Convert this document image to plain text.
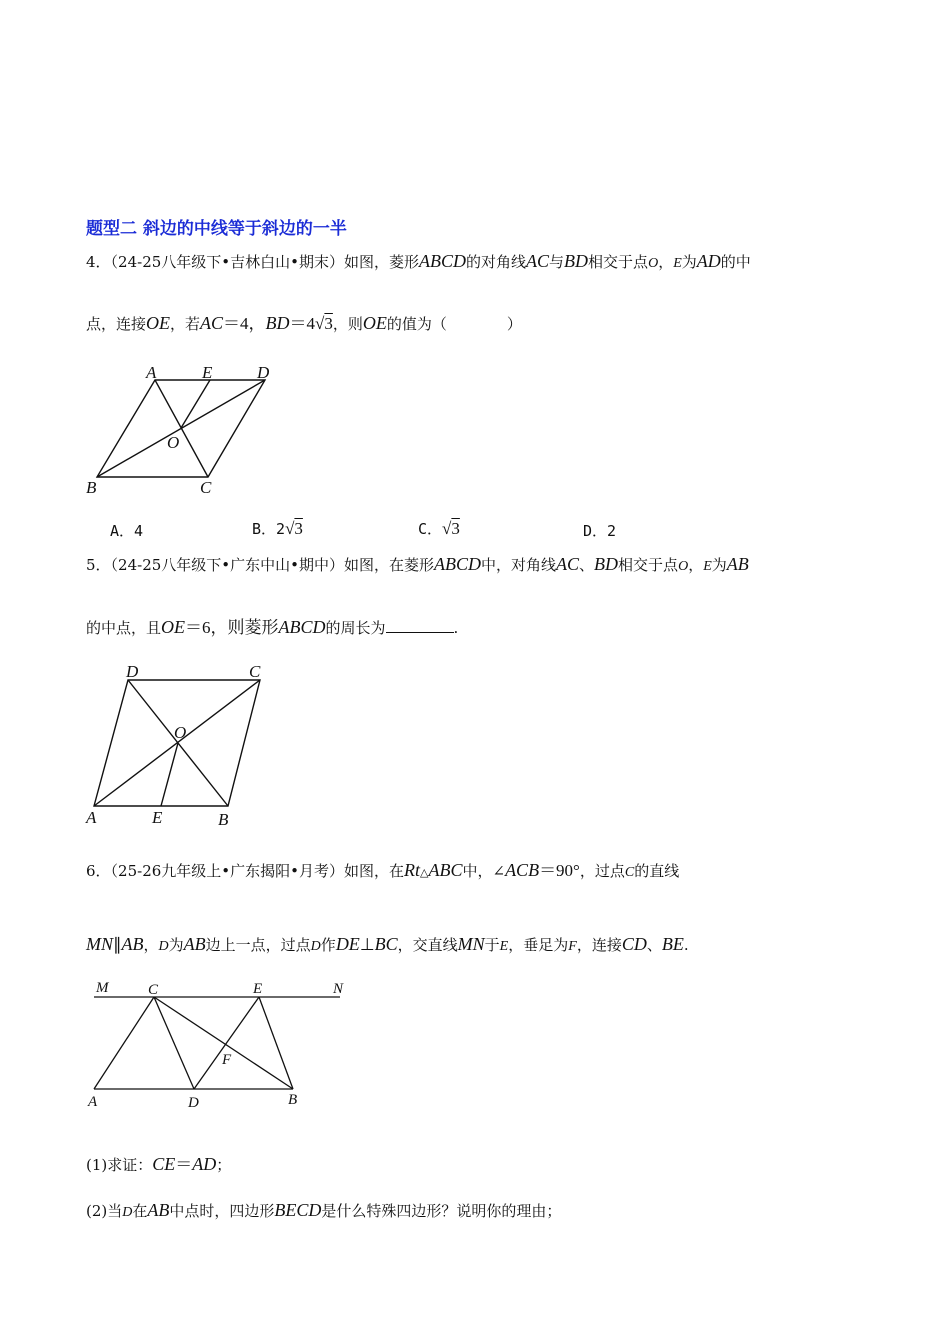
题型二 斜边的中线等于斜边的一半
4．（24-25八年级下•吉林白山•期末）如图，菱形ABCD的对角线AC与BD相交于点O，E为AD的中
点，连接OE，若AC＝4，BD＝4√3，则OE的值为（　　　　）
A	E	D
O
B	C
A．4	B．2√3	C．√3	D．2
5．（24-25八年级下•广东中山•期中）如图，在菱形ABCD中，对角线AC、BD相交于点O，E为AB
的中点，且OE＝6，则菱形ABCD的周长为	.
D	C
O
A	E	B
6．（25-26九年级上•广东揭阳•月考）如图，在Rt△ABC中，∠ACB＝90°，过点C的直线
MN∥AB，D为AB边上一点，过点D作DE⊥BC，交直线MN于E，垂足为F，连接CD、BE.
M	C	E	N
F
A	D	B
(1)求证：CE＝AD；
(2)当D在AB中点时，四边形BECD是什么特殊四边形？说明你的理由；
